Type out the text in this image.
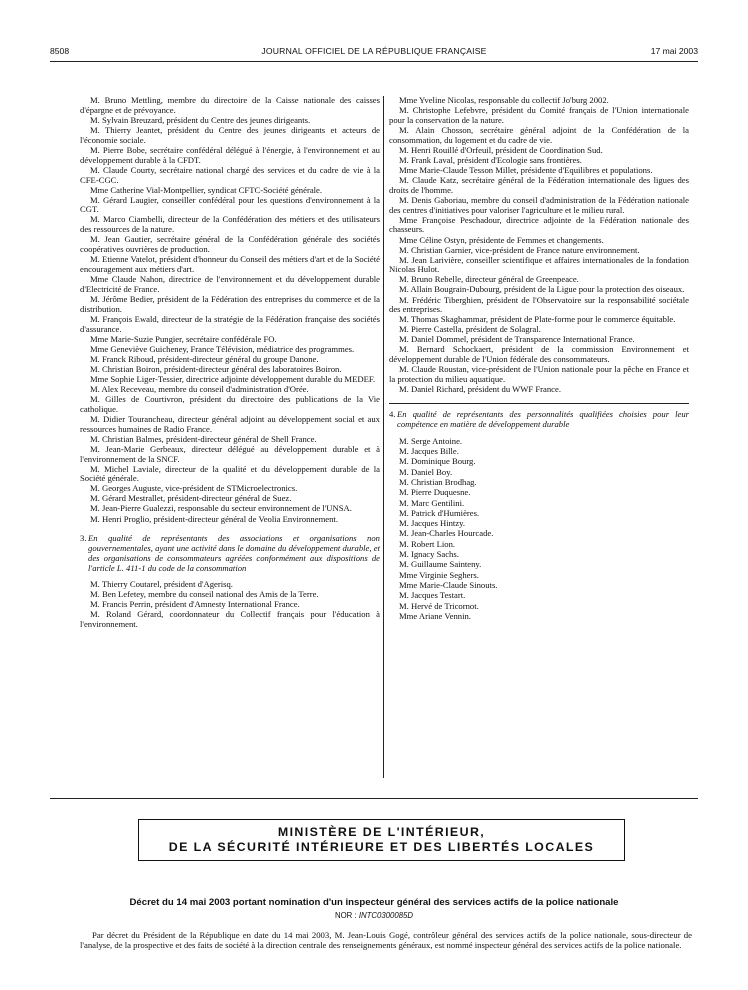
8508	JOURNAL OFFICIEL DE LA RÉPUBLIQUE FRANÇAISE	17 mai 2003

M. Bruno Mettling, membre du directoire de la Caisse nationale des caisses d'épargne et de prévoyance.

M. Sylvain Breuzard, président du Centre des jeunes dirigeants.

M. Thierry Jeantet, président du Centre des jeunes dirigeants et acteurs de l'économie sociale.

M. Pierre Bobe, secrétaire confédéral délégué à l'énergie, à l'environnement et au développement durable à la CFDT.

M. Claude Courty, secrétaire national chargé des services et du cadre de vie à la CFE-CGC.

Mme Catherine Vial-Montpellier, syndicat CFTC-Société générale.

M. Gérard Laugier, conseiller confédéral pour les questions d'environnement à la CGT.

M. Marco Ciambelli, directeur de la Confédération des métiers et des utilisateurs des ressources de la nature.

M. Jean Gautier, secrétaire général de la Confédération générale des sociétés coopératives ouvrières de production.

M. Etienne Vatelot, président d'honneur du Conseil des métiers d'art et de la Société encouragement aux métiers d'art.

Mme Claude Nahon, directrice de l'environnement et du développement durable d'Electricité de France.

M. Jérôme Bedier, président de la Fédération des entreprises du commerce et de la distribution.

M. François Ewald, directeur de la stratégie de la Fédération française des sociétés d'assurance.

Mme Marie-Suzie Pungier, secrétaire confédérale FO.

Mme Geneviève Guicheney, France Télévision, médiatrice des programmes.

M. Franck Riboud, président-directeur général du groupe Danone.

M. Christian Boiron, président-directeur général des laboratoires Boiron.

Mme Sophie Liger-Tessier, directrice adjointe développement durable du MEDEF.

M. Alex Receveau, membre du conseil d'administration d'Orée.

M. Gilles de Courtivron, président du directoire des publications de la Vie catholique.

M. Didier Tourancheau, directeur général adjoint au développement social et aux ressources humaines de Radio France.

M. Christian Balmes, président-directeur général de Shell France.

M. Jean-Marie Gerbeaux, directeur délégué au développement durable et à l'environnement de la SNCF.

M. Michel Laviale, directeur de la qualité et du développement durable de la Société générale.

M. Georges Auguste, vice-président de STMicroelectronics.

M. Gérard Mestrallet, président-directeur général de Suez.

M. Jean-Pierre Gualezzi, responsable du secteur environnement de l'UNSA.

M. Henri Proglio, président-directeur général de Veolia Environnement.

3. En qualité de représentants des associations et organisations non gouvernementales, ayant une activité dans le domaine du développement durable, et des organisations de consommateurs agréées conformément aux dispositions de l'article L. 411-1 du code de la consommation

M. Thierry Coutarel, président d'Agerisq.

M. Ben Lefetey, membre du conseil national des Amis de la Terre.

M. Francis Perrin, président d'Amnesty International France.

M. Roland Gérard, coordonnateur du Collectif français pour l'éducation à l'environnement.

Mme Yveline Nicolas, responsable du collectif Jo'burg 2002.

M. Christophe Lefebvre, président du Comité français de l'Union internationale pour la conservation de la nature.

M. Alain Chosson, secrétaire général adjoint de la Confédération de la consommation, du logement et du cadre de vie.

M. Henri Rouillé d'Orfeuil, président de Coordination Sud.

M. Frank Laval, président d'Ecologie sans frontières.

Mme Marie-Claude Tesson Millet, présidente d'Equilibres et populations.

M. Claude Katz, secrétaire général de la Fédération internationale des ligues des droits de l'homme.

M. Denis Gaboriau, membre du conseil d'administration de la Fédération nationale des centres d'initiatives pour valoriser l'agriculture et le milieu rural.

Mme Françoise Peschadour, directrice adjointe de la Fédération nationale des chasseurs.

Mme Céline Ostyn, présidente de Femmes et changements.

M. Christian Garnier, vice-président de France nature environnement.

M. Jean Larivière, conseiller scientifique et affaires internationales de la fondation Nicolas Hulot.

M. Bruno Rebelle, directeur général de Greenpeace.

M. Allain Bougrain-Dubourg, président de la Ligue pour la protection des oiseaux.

M. Frédéric Tiberghien, président de l'Observatoire sur la responsabilité sociétale des entreprises.

M. Thomas Skaghammar, président de Plate-forme pour le commerce équitable.

M. Pierre Castella, président de Solagral.

M. Daniel Dommel, président de Transparence International France.

M. Bernard Schockaert, président de la commission Environnement et développement durable de l'Union fédérale des consommateurs.

M. Claude Roustan, vice-président de l'Union nationale pour la pêche en France et la protection du milieu aquatique.

M. Daniel Richard, président du WWF France.

4. En qualité de représentants des personnalités qualifiées choisies pour leur compétence en matière de développement durable
M. Serge Antoine.
M. Jacques Bille.
M. Dominique Bourg.
M. Daniel Boy.
M. Christian Brodhag.
M. Pierre Duquesne.
M. Marc Gentilini.
M. Patrick d'Humières.
M. Jacques Hintzy.
M. Jean-Charles Hourcade.
M. Robert Lion.
M. Ignacy Sachs.
M. Guillaume Sainteny.
Mme Virginie Seghers.
Mme Marie-Claude Sinouts.
M. Jacques Testart.
M. Hervé de Tricornot.
Mme Ariane Vennin.
MINISTÈRE DE L'INTÉRIEUR,
DE LA SÉCURITÉ INTÉRIEURE ET DES LIBERTÉS LOCALES
Décret du 14 mai 2003 portant nomination d'un inspecteur général des services actifs de la police nationale
NOR : INTC0300085D
Par décret du Président de la République en date du 14 mai 2003, M. Jean-Louis Gogé, contrôleur général des services actifs de la police nationale, sous-directeur de l'analyse, de la prospective et des faits de société à la direction centrale des renseignements généraux, est nommé inspecteur général des services actifs de la police nationale.
